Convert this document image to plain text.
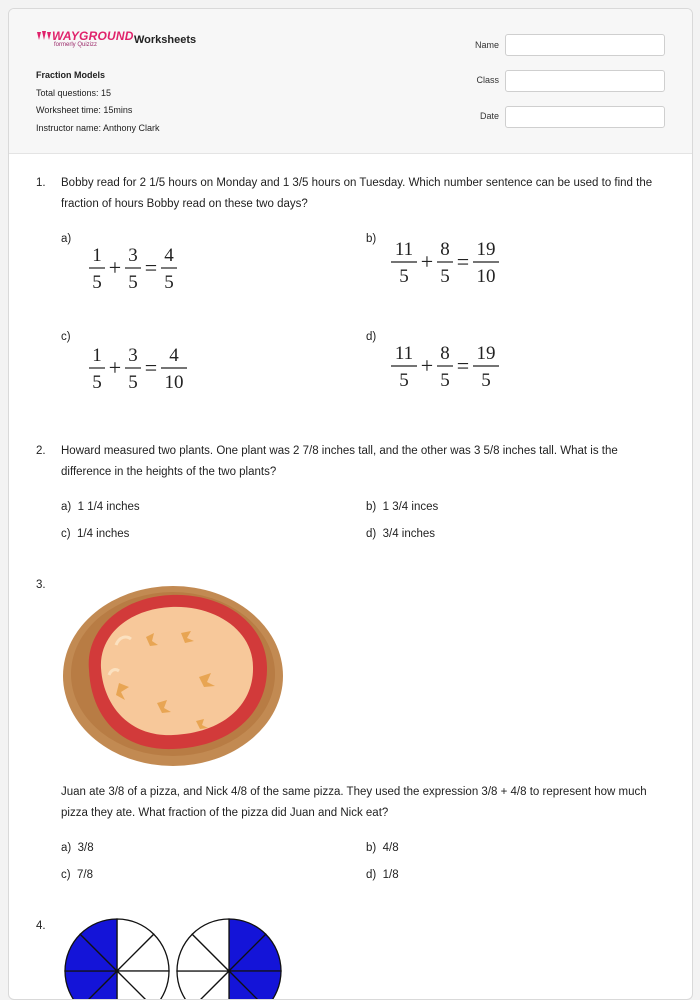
WAYGROUND
formerly Quizizz	Worksheets
Fraction Models
Total questions: 15
Worksheet time: 15mins
Instructor name: Anthony Clark
Name
Class
Date
1. Bobby read for 2 1/5 hours on Monday and 1 3/5 hours on Tuesday. Which number sentence can be used to find the fraction of hours Bobby read on these two days?
a)
1
5
+ 3
5
= 4
5
b) 11
5
+ 8
5
= 19
10
c)
1
5
+ 3
5
= 4
10
d)
11
5
+ 8
5
= 19
5
2. Howard measured two plants. One plant was 2 7/8 inches tall, and the other was 3 5/8 inches tall. What is the difference in the heights of the two plants?
a) 1 1/4 inches	b) 1 3/4 inces
c) 1/4 inches	d) 3/4 inches
3.
Juan ate 3/8 of a pizza, and Nick 4/8 of the same pizza. They used the expression 3/8 + 4/8 to represent how much pizza they ate. What fraction of the pizza did Juan and Nick eat?
a) 3/8	b) 4/8
c) 7/8	d) 1/8
4.
